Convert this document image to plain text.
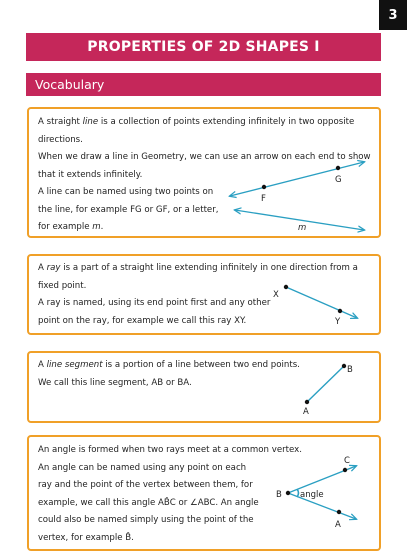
3
PROPERTIES OF 2D SHAPES I
Vocabulary

A straight line is a collection of points extending infinitely in two opposite directions.

When we draw a line in Geometry, we can use an arrow on each end to show that it extends infinitely.

A line can be named using two points on

the line, for example FG or GF, or a letter,

for example m.

G
F
m

A ray is a part of a straight line extending infinitely in one direction from a fixed point.

A ray is named, using its end point first and any other

point on the ray, for example we call this ray XY.

X
Y

A line segment is a portion of a line between two end points.

We call this line segment, AB or BA.

B
A

An angle is formed when two rays meet at a common vertex.

An angle can be named using any point on each

ray and the point of the vertex between them, for

example, we call this angle AB̂C or ∠ABC. An angle

could also be named simply using the point of the

vertex, for example B̂.

C
B
A
angle
